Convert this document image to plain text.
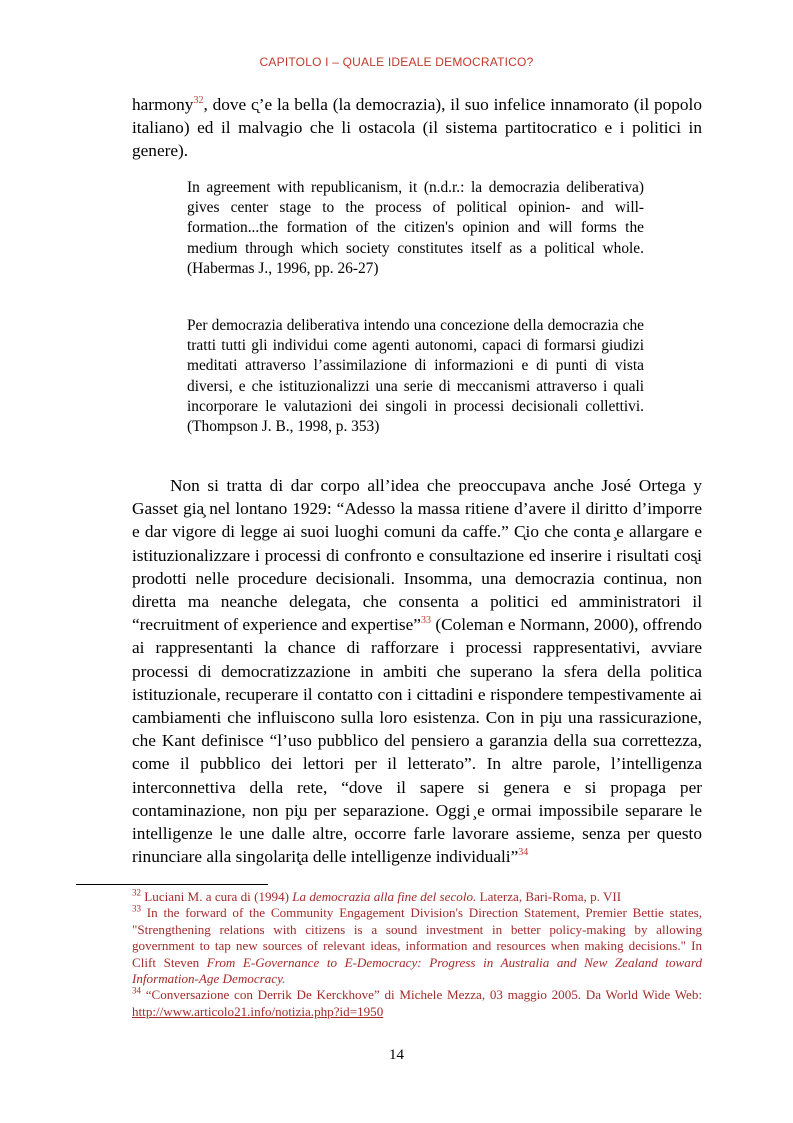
CAPITOLO I – QUALE IDEALE DEMOCRATICO?
harmony$^{32}$, dove c̨’e la bella (la democrazia), il suo infelice innamorato (il popolo italiano) ed il malvagio che li ostacola (il sistema partitocratico e i politici in genere).
In agreement with republicanism, it (n.d.r.: la democrazia deliberativa) gives center stage to the process of political opinion- and will-formation...the formation of the citizen's opinion and will forms the medium through which society constitutes itself as a political whole. (Habermas J., 1996, pp. 26-27)
Per democrazia deliberativa intendo una concezione della democrazia che tratti tutti gli individui come agenti autonomi, capaci di formarsi giudizi meditati attraverso l’assimilazione di informazioni e di punti di vista diversi, e che istituzionalizzi una serie di meccanismi attraverso i quali incorporare le valutazioni dei singoli in processi decisionali collettivi. (Thompson J. B., 1998, p. 353)
Non si tratta di dar corpo all’idea che preoccupava anche José Ortega y Gasset gia̧ nel lontano 1929: “Adesso la massa ritiene d’avere il diritto d’imporre e dar vigore di legge ai suoi luoghi comuni da caffe.” C̨io che conta ̧e allargare e istituzionalizzare i processi di confronto e consultazione ed inserire i risultati cos̨i prodotti nelle procedure decisionali. Insomma, una democrazia continua, non diretta ma neanche delegata, che consenta a politici ed amministratori il “recruitment of experience and expertise”$^{33}$ (Coleman e Normann, 2000), offrendo ai rappresentanti la chance di rafforzare i processi rappresentativi, avviare processi di democratizzazione in ambiti che superano la sfera della politica istituzionale, recuperare il contatto con i cittadini e rispondere tempestivamente ai cambiamenti che influiscono sulla loro esistenza. Con in pi̧u una rassicurazione, che Kant definisce “l’uso pubblico del pensiero a garanzia della sua correttezza, come il pubblico dei lettori per il letterato”. In altre parole, l’intelligenza interconnettiva della rete, “dove il sapere si genera e si propaga per contaminazione, non pi̧u per separazione. Oggi ̧e ormai impossibile separare le intelligenze le une dalle altre, occorre farle lavorare assieme, senza per questo rinunciare alla singolarit̨a delle intelligenze individuali”$^{34}$
$^{32}$ Luciani M. a cura di (1994) La democrazia alla fine del secolo. Laterza, Bari-Roma, p. VII
$^{33}$ In the forward of the Community Engagement Division's Direction Statement, Premier Bettie states, "Strengthening relations with citizens is a sound investment in better policy-making by allowing government to tap new sources of relevant ideas, information and resources when making decisions." In Clift Steven From E-Governance to E-Democracy: Progress in Australia and New Zealand toward Information-Age Democracy.
$^{34}$ “Conversazione con Derrik De Kerckhove” di Michele Mezza, 03 maggio 2005. Da World Wide Web: http://www.articolo21.info/notizia.php?id=1950
14
